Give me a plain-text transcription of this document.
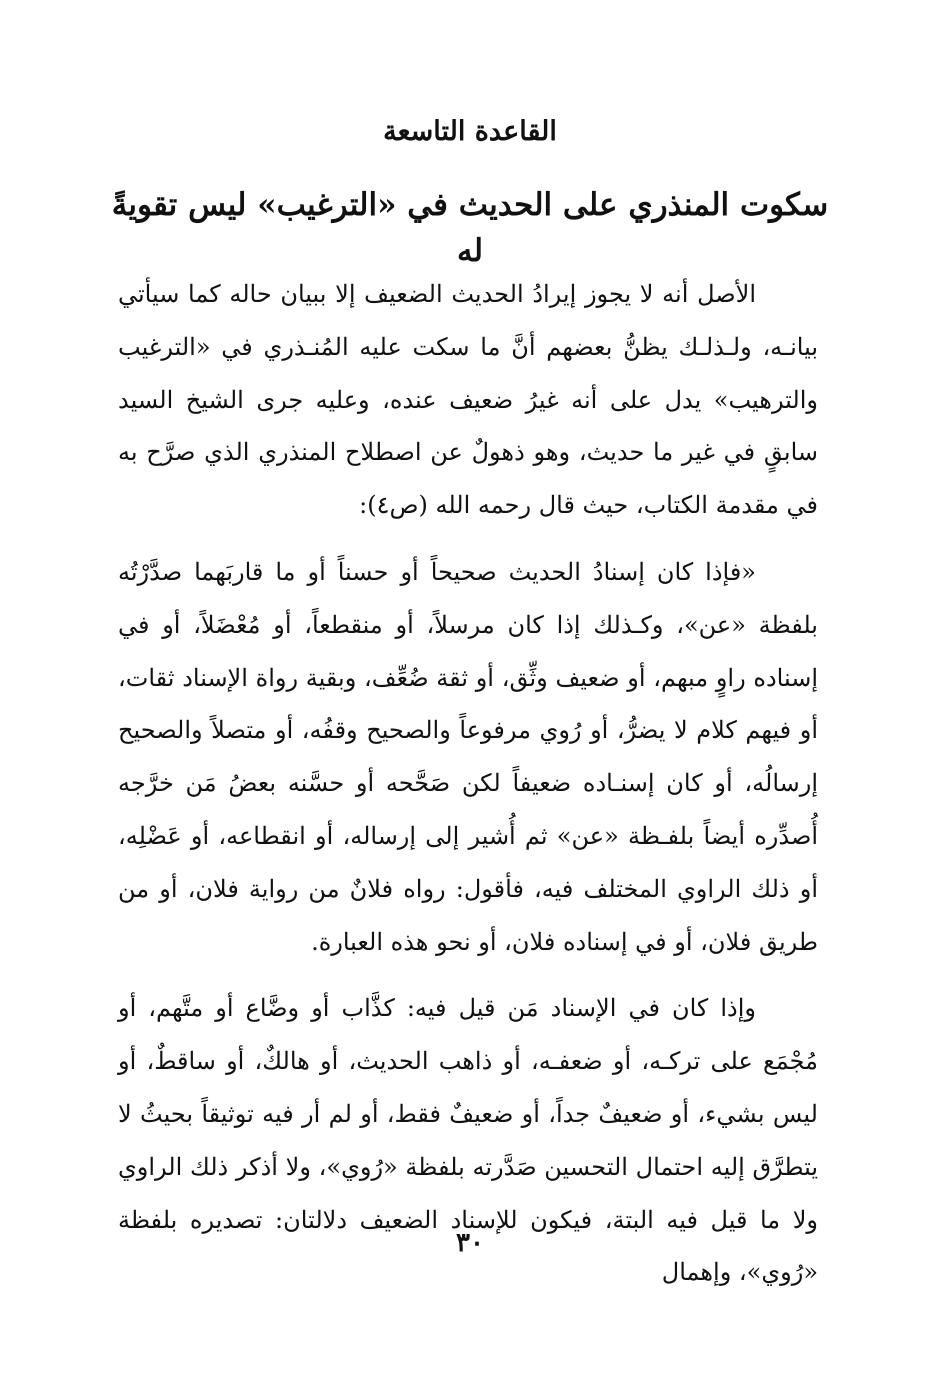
القاعدة التاسعة
سكوت المنذري على الحديث في «الترغيب» ليس تقويةً له

الأصل أنه لا يجوز إيرادُ الحديث الضعيف إلا ببيان حاله كما سيأتي بيانـه، ولـذلـك يظنُّ بعضهم أنَّ ما سكت عليه المُنـذري في «الترغيب والترهيب» يدل على أنه غيرُ ضعيف عنده، وعليه جرى الشيخ السيد سابقٍ في غير ما حديث، وهو ذهولٌ عن اصطلاح المنذري الذي صرَّح به في مقدمة الكتاب، حيث قال رحمه الله (ص٤):

«فإذا كان إسنادُ الحديث صحيحاً أو حسناً أو ما قاربَهما صدَّرْتُه بلفظة «عن»، وكـذلك إذا كان مرسلاً، أو منقطعاً، أو مُعْضَلاً، أو في إسناده راوٍ مبهم، أو ضعيف وثِّق، أو ثقة ضُعِّف، وبقية رواة الإسناد ثقات، أو فيهم كلام لا يضرُّ، أو رُوي مرفوعاً والصحيح وقفُه، أو متصلاً والصحيح إرسالُه، أو كان إسنـاده ضعيفاً لكن صَحَّحه أو حسَّنه بعضُ مَن خرَّجه أُصدِّره أيضاً بلفـظة «عن» ثم أُشير إلى إرساله، أو انقطاعه، أو عَضْلِه، أو ذلك الراوي المختلف فيه، فأقول: رواه فلانٌ من رواية فلان، أو من طريق فلان، أو في إسناده فلان، أو نحو هذه العبارة.

وإذا كان في الإسناد مَن قيل فيه: كذَّاب أو وضَّاع أو متَّهم، أو مُجْمَع على تركـه، أو ضعفـه، أو ذاهب الحديث، أو هالكٌ، أو ساقطٌ، أو ليس بشيء، أو ضعيفٌ جداً، أو ضعيفٌ فقط، أو لم أر فيه توثيقاً بحيثُ لا يتطرَّق إليه احتمال التحسين صَدَّرته بلفظة «رُوي»، ولا أذكر ذلك الراوي ولا ما قيل فيه البتة، فيكون للإسناد الضعيف دلالتان: تصديره بلفظة «رُوي»، وإهمال

٣٠
